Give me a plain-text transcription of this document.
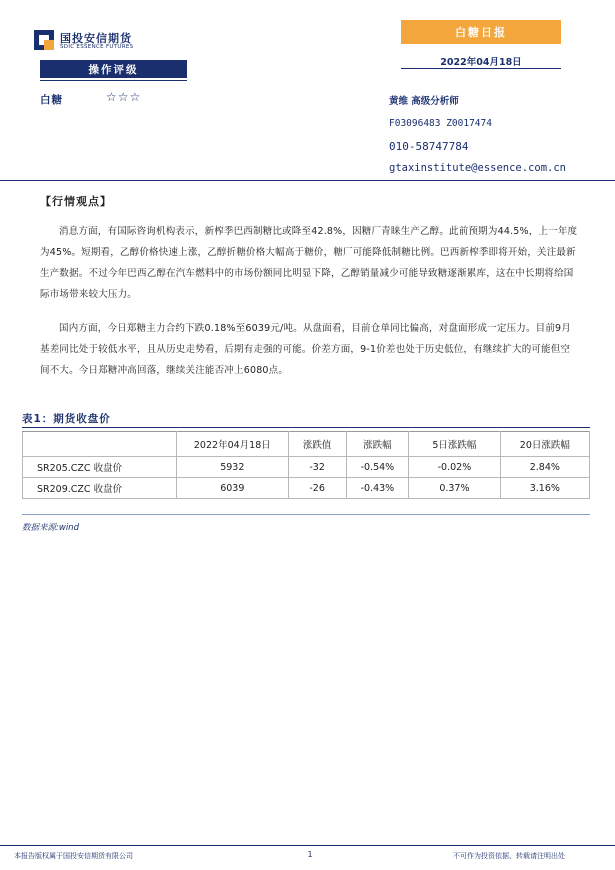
国投安信期货
SDIC ESSENCE FUTURES
白糖日报
2022年04月18日
操作评级
白糖	☆☆☆	黄维 高级分析师
F03096483 Z0017474
010-58747784
gtaxinstitute@essence.com.cn
【行情观点】

消息方面，有国际咨询机构表示，新榨季巴西制糖比或降至42.8%，因糖厂青睐生产乙醇。此前预期为44.5%，上一年度为45%。短期看，乙醇价格快速上涨，乙醇折糖价格大幅高于糖价，糖厂可能降低制糖比例。巴西新榨季即将开始，关注最新生产数据。不过今年巴西乙醇在汽车燃料中的市场份额同比明显下降，乙醇销量减少可能导致糖逐渐累库，这在中长期将给国际市场带来较大压力。

国内方面，今日郑糖主力合约下跌0.18%至6039元/吨。从盘面看，目前仓单同比偏高，对盘面形成一定压力。目前9月基差同比处于较低水平，且从历史走势看，后期有走强的可能。价差方面，9-1价差也处于历史低位，有继续扩大的可能但空间不大。今日郑糖冲高回落，继续关注能否冲上6080点。

表1：期货收盘价
	2022年04月18日	涨跌值	涨跌幅	5日涨跌幅	20日涨跌幅
SR205.CZC 收盘价	5932	-32	-0.54%	-0.02%	2.84%
SR209.CZC 收盘价	6039	-26	-0.43%	0.37%	3.16%
数据来源:wind
本报告版权属于国投安信期货有限公司	1	不可作为投资依据，转载请注明出处
